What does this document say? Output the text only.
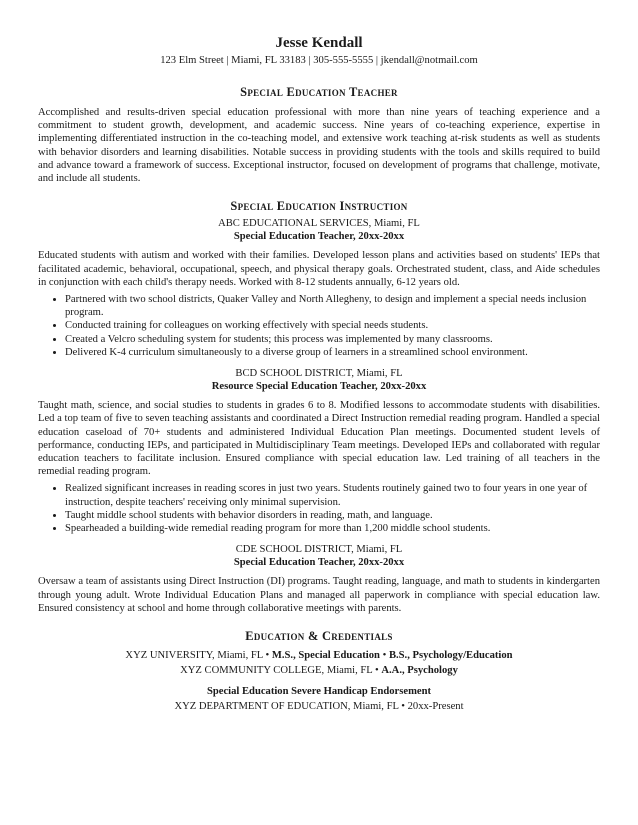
Jesse Kendall

123 Elm Street | Miami, FL 33183 | 305-555-5555 | jkendall@notmail.com

Special Education Teacher

Accomplished and results-driven special education professional with more than nine years of teaching experience and a commitment to student growth, development, and academic success. Nine years of co-teaching experience, expertise in implementing differentiated instruction in the co-teaching model, and extensive work teaching at-risk students as well as students with behavior disorders and learning disabilities. Notable success in providing students with the tools and skills required to build and advance toward a framework of success. Exceptional instructor, focused on development of programs that challenge, motivate, and include all students.

Special Education Instruction

ABC EDUCATIONAL SERVICES, Miami, FL

Special Education Teacher, 20xx-20xx

Educated students with autism and worked with their families. Developed lesson plans and activities based on students' IEPs that facilitated academic, behavioral, occupational, speech, and physical therapy goals. Orchestrated student, class, and Aide schedules in conjunction with each child's therapy needs. Worked with 8-12 students annually, 6-12 years old.

• Partnered with two school districts, Quaker Valley and North Allegheny, to design and implement a special needs inclusion program.
• Conducted training for colleagues on working effectively with special needs students.
• Created a Velcro scheduling system for students; this process was implemented by many classrooms.
• Delivered K-4 curriculum simultaneously to a diverse group of learners in a streamlined school environment.

BCD SCHOOL DISTRICT, Miami, FL

Resource Special Education Teacher, 20xx-20xx

Taught math, science, and social studies to students in grades 6 to 8. Modified lessons to accommodate students with disabilities. Led a top team of five to seven teaching assistants and coordinated a Direct Instruction remedial reading program. Handled a special education caseload of 70+ students and administered Individual Education Plan meetings. Documented student levels of performance, conducting IEPs, and participated in Multidisciplinary Team meetings. Developed IEPs and collaborated with regular education teachers to facilitate inclusion. Ensured compliance with special education law. Led training of all teachers in the remedial reading program.

• Realized significant increases in reading scores in just two years. Students routinely gained two to four years in one year of instruction, despite teachers' receiving only minimal supervision.
• Taught middle school students with behavior disorders in reading, math, and language.
• Spearheaded a building-wide remedial reading program for more than 1,200 middle school students.

CDE SCHOOL DISTRICT, Miami, FL

Special Education Teacher, 20xx-20xx

Oversaw a team of assistants using Direct Instruction (DI) programs. Taught reading, language, and math to students in kindergarten through young adult. Wrote Individual Education Plans and managed all paperwork in compliance with special education law. Ensured consistency at school and home through collaborative meetings with parents.

Education & Credentials

XYZ UNIVERSITY, Miami, FL • M.S., Special Education • B.S., Psychology/Education

XYZ COMMUNITY COLLEGE, Miami, FL • A.A., Psychology

Special Education Severe Handicap Endorsement

XYZ DEPARTMENT OF EDUCATION, Miami, FL • 20xx-Present
